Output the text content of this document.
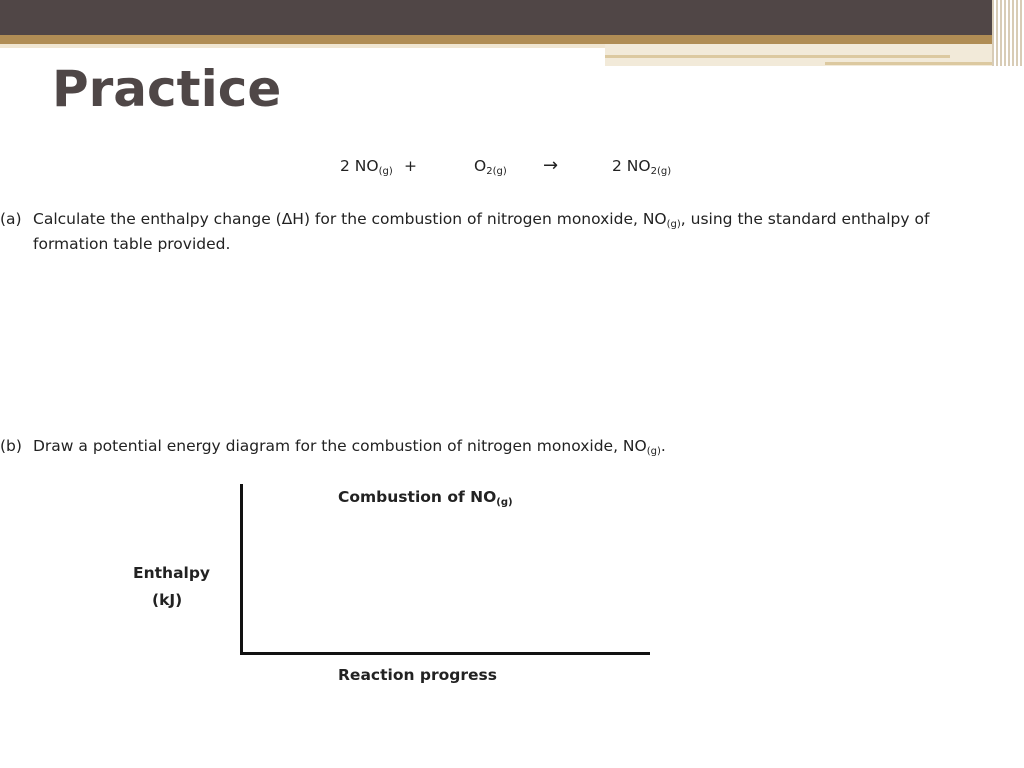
Practice
2 $NO_{(g)}$ +	$O_{2(g)}$ →	2 $NO_{2(g)}$
(a) Calculate the enthalpy change (ΔH) for the combustion of nitrogen monoxide, $NO_{(g)}$, using the standard enthalpy of
formation table provided.
(b) Draw a potential energy diagram for the combustion of nitrogen monoxide, $NO_{(g)}$.
Combustion of $NO_{(g)}$
Enthalpy
(kJ)
Reaction progress
